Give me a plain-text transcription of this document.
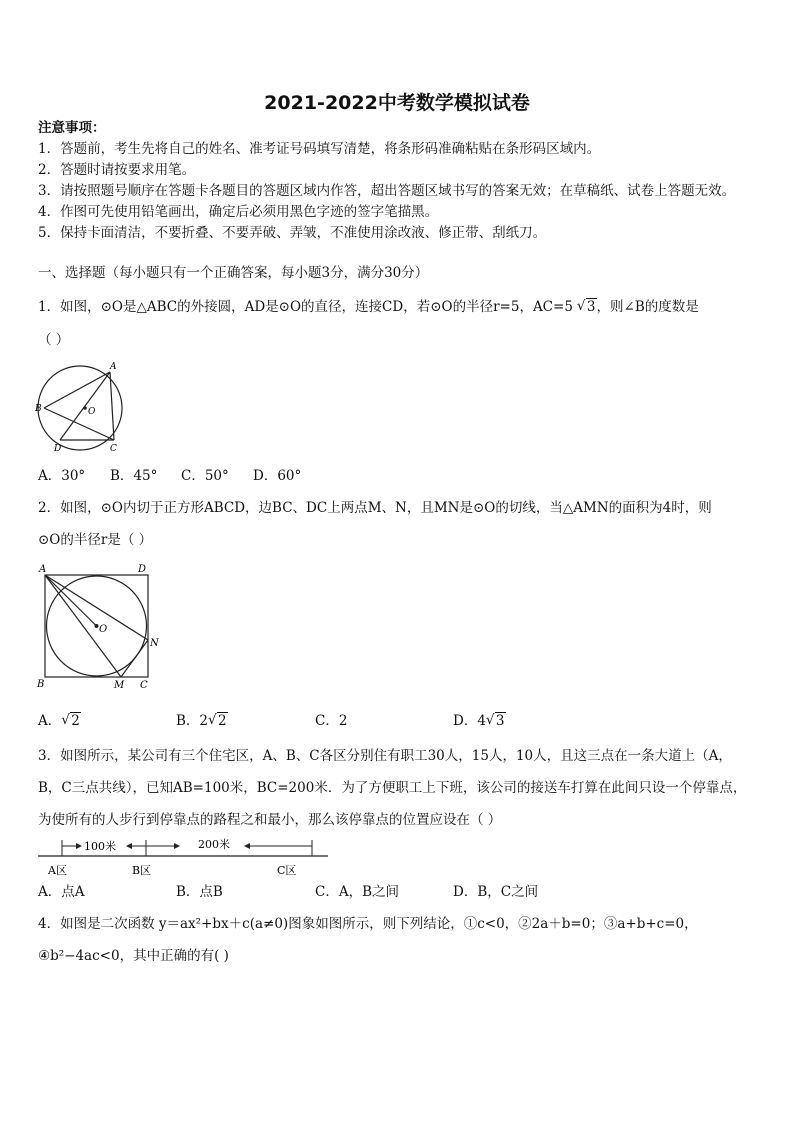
2021-2022中考数学模拟试卷
注意事项：
1．答题前，考生先将自己的姓名、准考证号码填写清楚，将条形码准确粘贴在条形码区域内。
2．答题时请按要求用笔。
3．请按照题号顺序在答题卡各题目的答题区域内作答，超出答题区域书写的答案无效；在草稿纸、试卷上答题无效。
4．作图可先使用铅笔画出，确定后必须用黑色字迹的签字笔描黑。
5．保持卡面清洁，不要折叠、不要弄破、弄皱，不准使用涂改液、修正带、刮纸刀。
一、选择题（每小题只有一个正确答案，每小题3分，满分30分）
1．如图，⊙O是△ABC的外接圆，AD是⊙O的直径，连接CD，若⊙O的半径r=5，AC=5 √ 3，则∠B的度数是
（ ）
A
B	O
D	C
A．30° B．45° C．50° D．60°
2．如图，⊙O内切于正方形ABCD，边BC、DC上两点M、N，且MN是⊙O的切线，当△AMN的面积为4时，则
⊙O的半径r是（ ）
A	D
O
N
B	M C
A． √ 2	B．2 √ 2	C．2	D．4 √ 3
3．如图所示，某公司有三个住宅区，A、B、C各区分别住有职工30人，15人，10人，且这三点在一条大道上（A，
B，C三点共线），已知AB=100米，BC=200米．为了方便职工上下班，该公司的接送车打算在此间只设一个停靠点，
为使所有的人步行到停靠点的路程之和最小，那么该停靠点的位置应设在（ ）
100米	200米
A区	B区	C区
A．点A	B．点B	C．A，B之间	D．B，C之间
4．如图是二次函数 y＝ax²+bx＋c(a≠0)图象如图所示，则下列结论，①c<0，②2a＋b=0；③a+b+c=0，
④b²−4ac<0，其中正确的有( )
